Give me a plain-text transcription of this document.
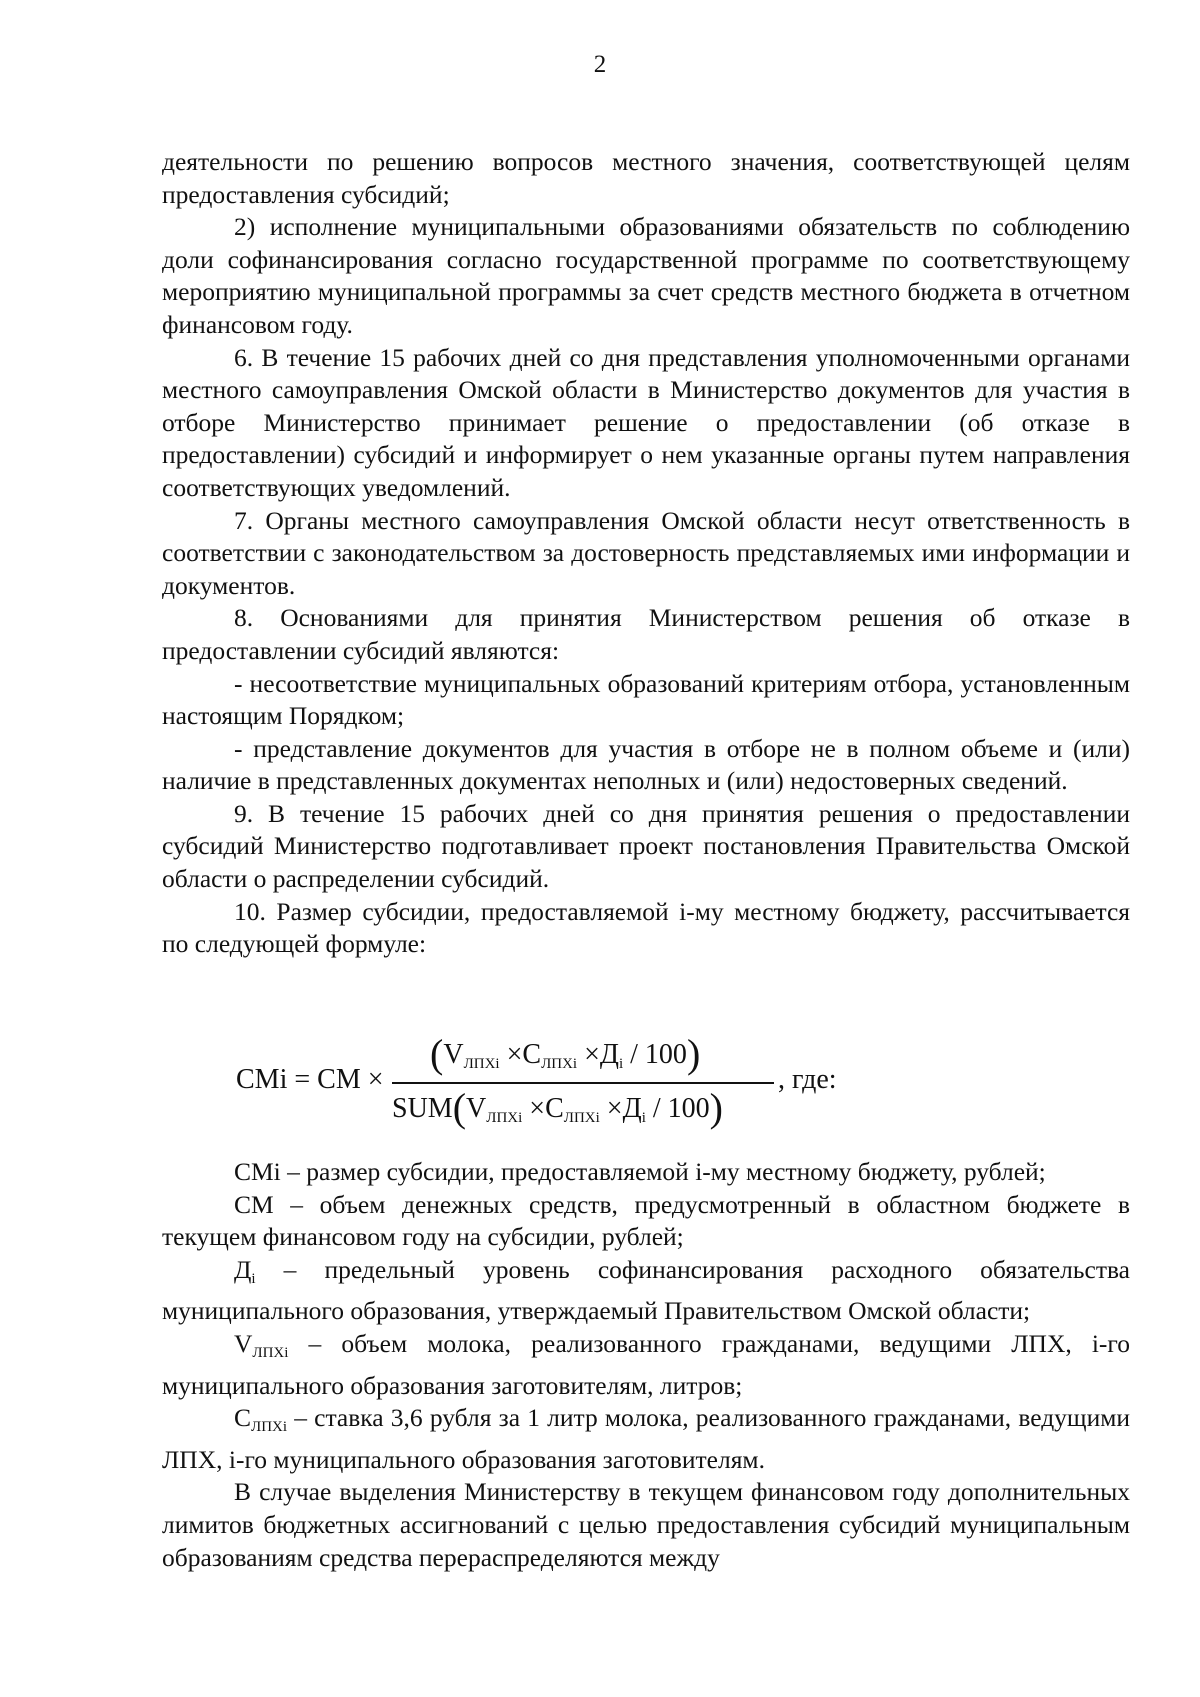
2

деятельности по решению вопросов местного значения, соответствующей целям предоставления субсидий;

2) исполнение муниципальными образованиями обязательств по соблюдению доли софинансирования согласно государственной программе по соответствующему мероприятию муниципальной программы за счет средств местного бюджета в отчетном финансовом году.

6. В течение 15 рабочих дней со дня представления уполномоченными органами местного самоуправления Омской области в Министерство документов для участия в отборе Министерство принимает решение о предоставлении (об отказе в предоставлении) субсидий и информирует о нем указанные органы путем направления соответствующих уведомлений.

7. Органы местного самоуправления Омской области несут ответственность в соответствии с законодательством за достоверность представляемых ими информации и документов.

8. Основаниями для принятия Министерством решения об отказе в предоставлении субсидий являются:

- несоответствие муниципальных образований критериям отбора, установленным настоящим Порядком;

- представление документов для участия в отборе не в полном объеме и (или) наличие в представленных документах неполных и (или) недостоверных сведений.

9. В течение 15 рабочих дней со дня принятия решения о предоставлении субсидий Министерство подготавливает проект постановления Правительства Омской области о распределении субсидий.

10. Размер субсидии, предоставляемой i-му местному бюджету, рассчитывается по следующей формуле:

CMi = CM ×
$(V_{ЛПХi} \times C_{ЛПХi} \times Д_i / 100)$
$SUM(V_{ЛПХi} \times C_{ЛПХi} \times Д_i / 100)$
, где:

CMi – размер субсидии, предоставляемой i-му местному бюджету, рублей;

CM – объем денежных средств, предусмотренный в областном бюджете в текущем финансовом году на субсидии, рублей;

$Д_i$ – предельный уровень софинансирования расходного обязательства муниципального образования, утверждаемый Правительством Омской области;

$V_{ЛПХi}$ – объем молока, реализованного гражданами, ведущими ЛПХ, i-го муниципального образования заготовителям, литров;

$C_{ЛПХi}$ – ставка 3,6 рубля за 1 литр молока, реализованного гражданами, ведущими ЛПХ, i-го муниципального образования заготовителям.

В случае выделения Министерству в текущем финансовом году дополнительных лимитов бюджетных ассигнований с целью предоставления субсидий муниципальным образованиям средства перераспределяются между
